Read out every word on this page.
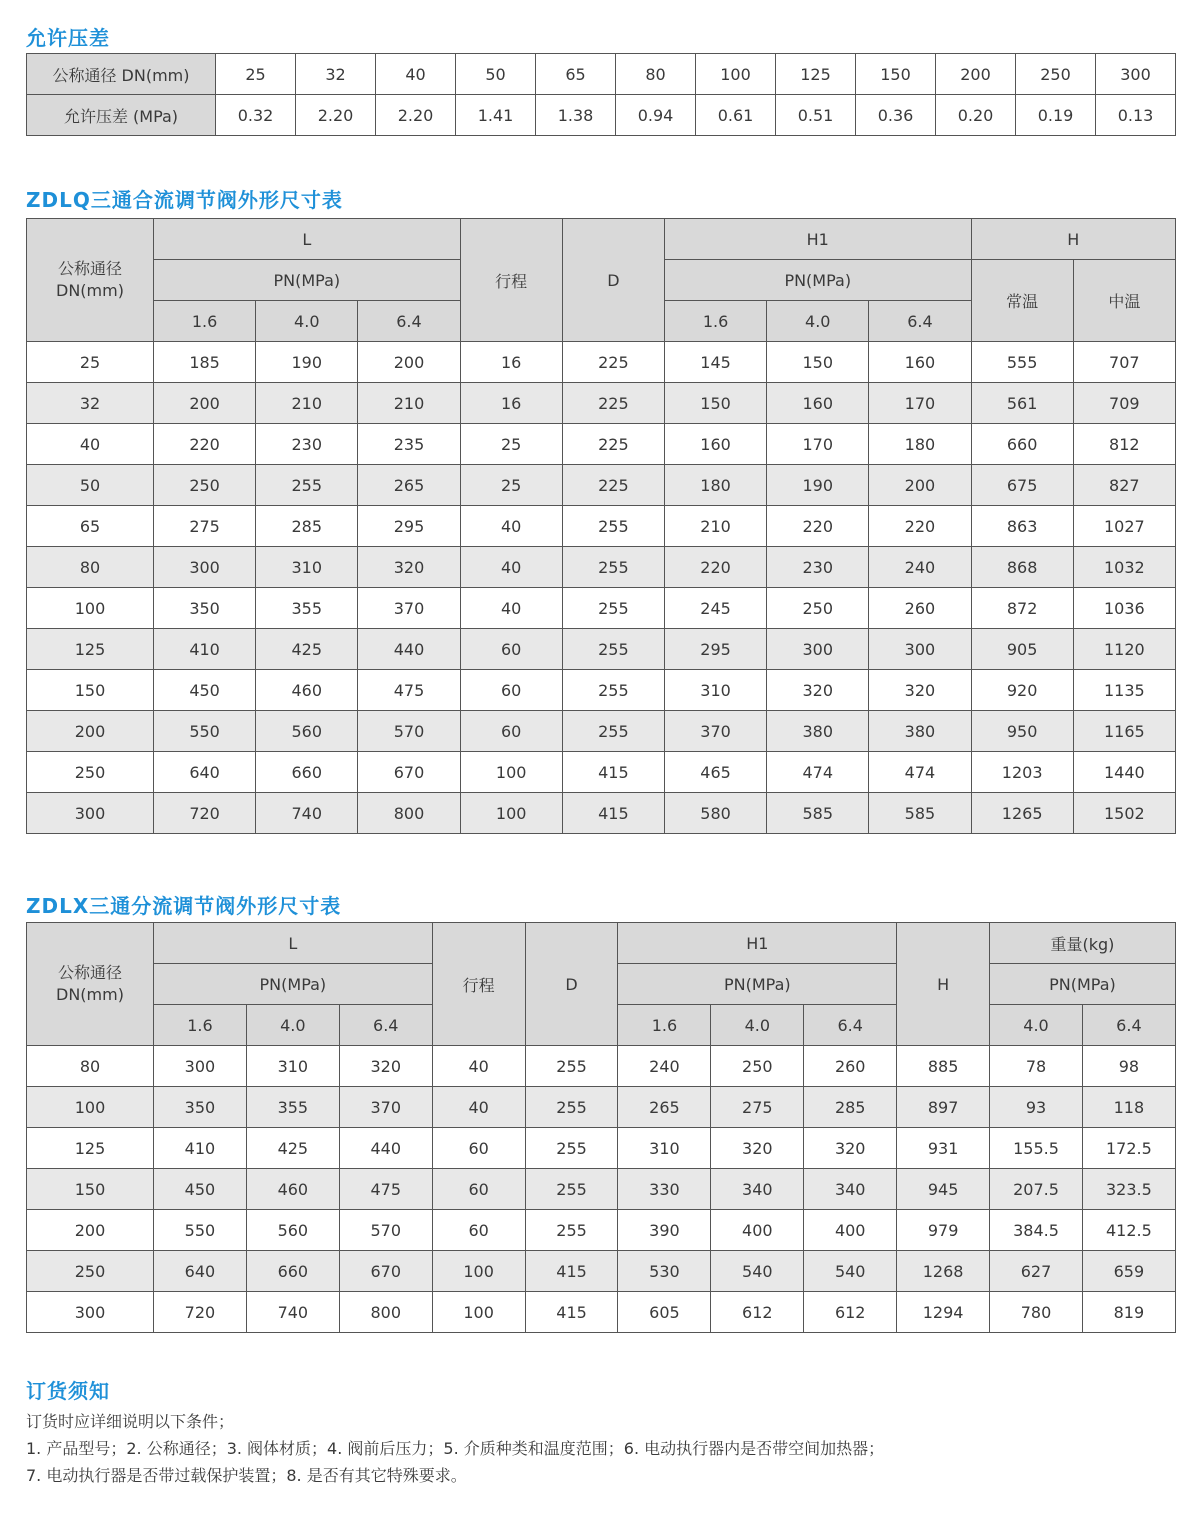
允许压差
公称通径 DN(mm)	25	32	40	50	65	80	100	125	150	200	250	300
允许压差 (MPa)	0.32	2.20	2.20	1.41	1.38	0.94	0.61	0.51	0.36	0.20	0.19	0.13
ZDLQ三通合流调节阀外形尺寸表
公称通径
DN(mm)	L			行程	D	H1			H	
	PN(MPa)					PN(MPa)			常温	中温
	1.6	4.0	6.4			1.6	4.0	6.4		
25	185	190	200	16	225	145	150	160	555	707
32	200	210	210	16	225	150	160	170	561	709
40	220	230	235	25	225	160	170	180	660	812
50	250	255	265	25	225	180	190	200	675	827
65	275	285	295	40	255	210	220	220	863	1027
80	300	310	320	40	255	220	230	240	868	1032
100	350	355	370	40	255	245	250	260	872	1036
125	410	425	440	60	255	295	300	300	905	1120
150	450	460	475	60	255	310	320	320	920	1135
200	550	560	570	60	255	370	380	380	950	1165
250	640	660	670	100	415	465	474	474	1203	1440
300	720	740	800	100	415	580	585	585	1265	1502
ZDLX三通分流调节阀外形尺寸表
公称通径
DN(mm)	L			行程	D	H1			H	重量(kg)	
	PN(MPa)					PN(MPa)				PN(MPa)	
	1.6	4.0	6.4			1.6	4.0	6.4		4.0	6.4
80	300	310	320	40	255	240	250	260	885	78	98
100	350	355	370	40	255	265	275	285	897	93	118
125	410	425	440	60	255	310	320	320	931	155.5	172.5
150	450	460	475	60	255	330	340	340	945	207.5	323.5
200	550	560	570	60	255	390	400	400	979	384.5	412.5
250	640	660	670	100	415	530	540	540	1268	627	659
300	720	740	800	100	415	605	612	612	1294	780	819
订货须知
订货时应详细说明以下条件；
1. 产品型号；2. 公称通径；3. 阀体材质；4. 阀前后压力；5. 介质种类和温度范围；6. 电动执行器内是否带空间加热器；
7. 电动执行器是否带过载保护装置；8. 是否有其它特殊要求。
